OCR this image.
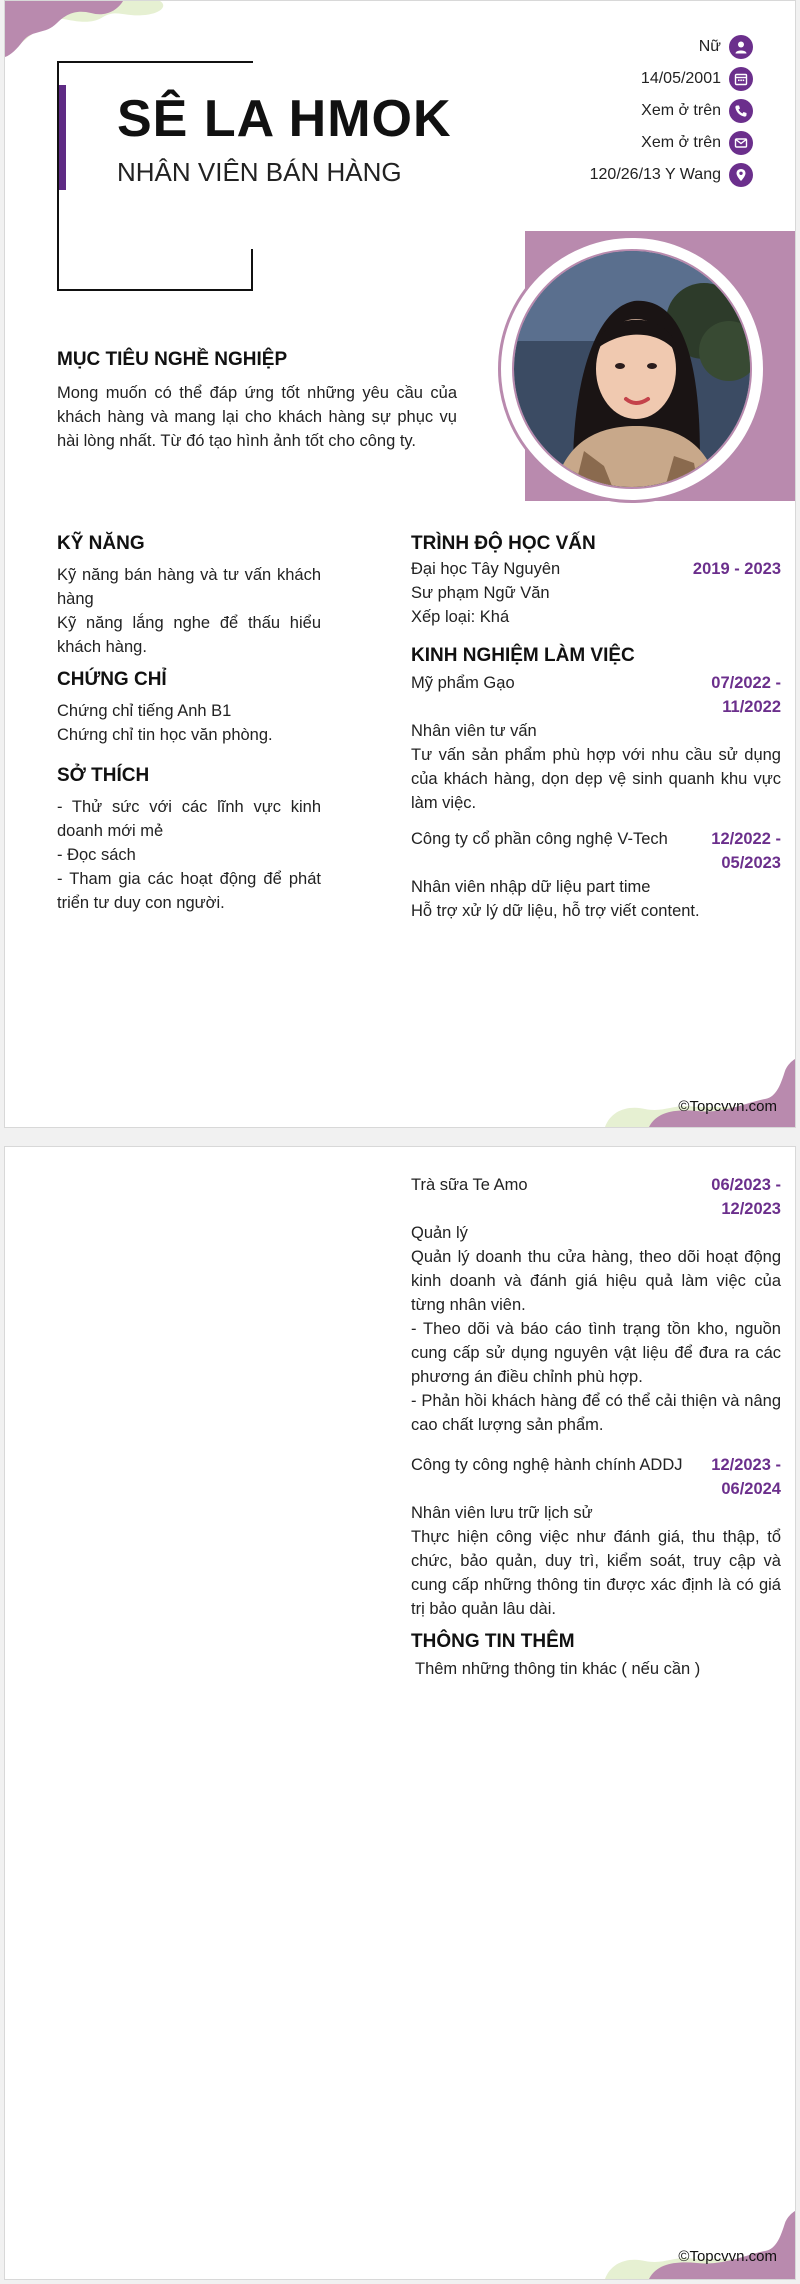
SÊ LA HMOK
NHÂN VIÊN BÁN HÀNG
Nữ
14/05/2001
Xem ở trên
Xem ở trên
120/26/13 Y Wang
MỤC TIÊU NGHỀ NGHIỆP
Mong muốn có thể đáp ứng tốt những yêu cầu của khách hàng và mang lại cho khách hàng sự phục vụ hài lòng nhất. Từ đó tạo hình ảnh tốt cho công ty.
KỸ NĂNG
Kỹ năng bán hàng và tư vấn khách hàng
Kỹ năng lắng nghe để thấu hiểu khách hàng.
CHỨNG CHỈ
Chứng chỉ tiếng Anh B1
Chứng chỉ tin học văn phòng.
SỞ THÍCH
- Thử sức với các lĩnh vực kinh doanh mới mẻ
- Đọc sách
- Tham gia các hoạt động để phát triển tư duy con người.
TRÌNH ĐỘ HỌC VẤN
Đại học Tây Nguyên	2019 - 2023
Sư phạm Ngữ Văn
Xếp loại: Khá
KINH NGHIỆM LÀM VIỆC
Mỹ phẩm Gạo	07/2022 -
11/2022
Nhân viên tư vấn
Tư vấn sản phẩm phù hợp với nhu cầu sử dụng của khách hàng, dọn dẹp vệ sinh quanh khu vực làm việc.
Công ty cổ phần công nghệ V-Tech	12/2022 -
05/2023
Nhân viên nhập dữ liệu part time
Hỗ trợ xử lý dữ liệu, hỗ trợ viết content.
©Topcvvn.com
Trà sữa Te Amo	06/2023 -
12/2023
Quản lý
Quản lý doanh thu cửa hàng, theo dõi hoạt động kinh doanh và đánh giá hiệu quả làm việc của từng nhân viên.
- Theo dõi và báo cáo tình trạng tồn kho, nguồn cung cấp sử dụng nguyên vật liệu để đưa ra các phương án điều chỉnh phù hợp.
- Phản hồi khách hàng để có thể cải thiện và nâng cao chất lượng sản phẩm.
Công ty công nghệ hành chính ADDJ 12/2023 -
06/2024
Nhân viên lưu trữ lịch sử
Thực hiện công việc như đánh giá, thu thập, tổ chức, bảo quản, duy trì, kiểm soát, truy cập và cung cấp những thông tin được xác định là có giá trị bảo quản lâu dài.
THÔNG TIN THÊM
Thêm những thông tin khác ( nếu cần )
©Topcvvn.com
